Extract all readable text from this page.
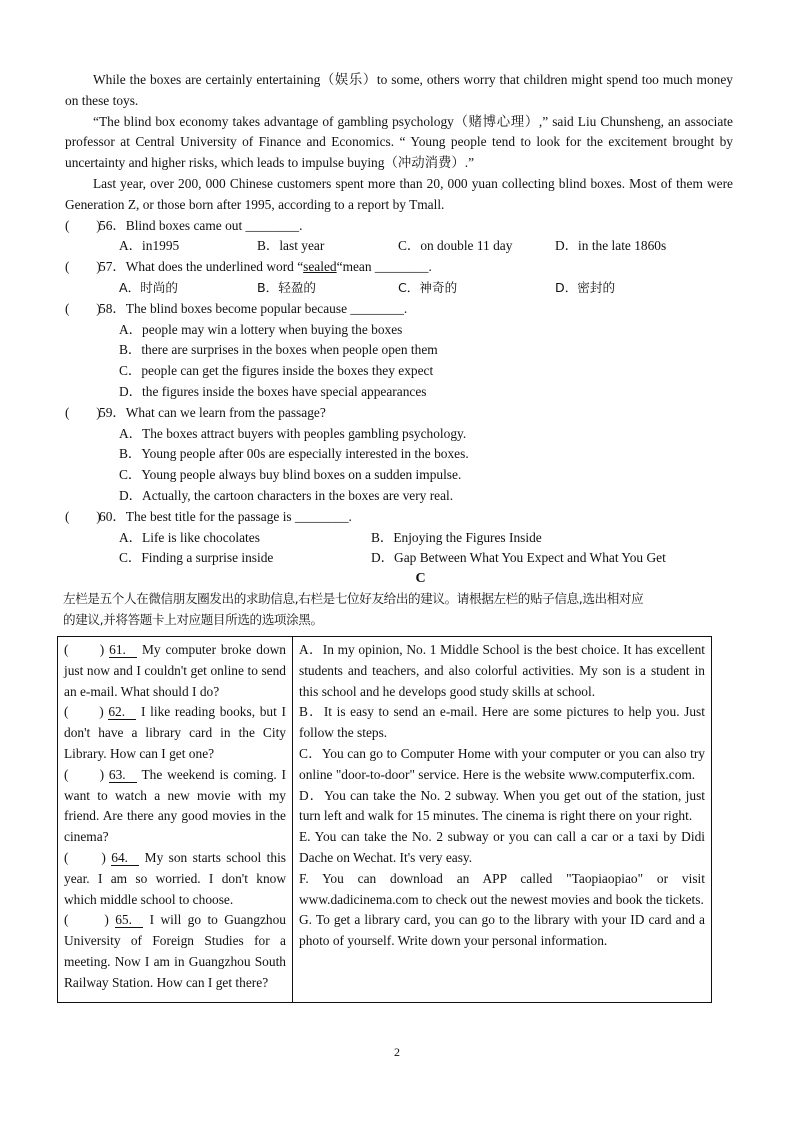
While the boxes are certainly entertaining（娱乐）to some, others worry that children might spend too much money on these toys.

“The blind box economy takes advantage of gambling psychology（赌博心理）,” said Liu Chunsheng, an associate professor at Central University of Finance and Economics. “ Young people tend to look for the excitement brought by uncertainty and higher risks, which leads to impulse buying（冲动消费）.”

Last year, over 200, 000 Chinese customers spent more than 20, 000 yuan collecting blind boxes. Most of them were Generation Z, or those born after 1995, according to a report by Tmall.

(　　)
56．Blind boxes came out ________.
A．in1995	B．last year	C．on double 11 day	D．in the late 1860s
(　　)
57．What does the underlined word “sealed“mean ________.
A．时尚的	B．轻盈的	C．神奇的	D．密封的
(　　)
58．The blind boxes become popular because ________.
A．people may win a lottery when buying the boxes
B．there are surprises in the boxes when people open them
C．people can get the figures inside the boxes they expect
D．the figures inside the boxes have special appearances
(　　)
59．What can we learn from the passage?
A．The boxes attract buyers with peoples gambling psychology.
B．Young people after 00s are especially interested in the boxes.
C．Young people always buy blind boxes on a sudden impulse.
D．Actually, the cartoon characters in the boxes are very real.
(　　)
60．The best title for the passage is ________.
A．Life is like chocolates	B．Enjoying the Figures Inside
C．Finding a surprise inside	D．Gap Between What You Expect and What You Get
C
左栏是五个人在微信朋友圈发出的求助信息,右栏是七位好友给出的建议。请根据左栏的贴子信息,选出相对应
的建议,并将答题卡上对应题目所选的选项涂黑。

(　　) 61. My computer broke down just now and I couldn't get online to send an e-mail. What should I do?

(　　) 62. I like reading books, but I don't have a library card in the City Library. How can I get one?

(　　) 63. The weekend is coming. I want to watch a new movie with my friend. Are there any good movies in the cinema?

(　　) 64. My son starts school this year. I am so worried. I don't know which middle school to choose.

(　　) 65. I will go to Guangzhou University of Foreign Studies for a meeting. Now I am in Guangzhou South Railway Station. How can I get there?

A．In my opinion, No. 1 Middle School is the best choice. It has excellent students and teachers, and also colorful activities. My son is a student in this school and he develops good study skills at school.

B．It is easy to send an e-mail. Here are some pictures to help you. Just follow the steps.

C．You can go to Computer Home with your computer or you can also try online "door-to-door" service. Here is the website www.computerfix.com.

D．You can take the No. 2 subway. When you get out of the station, just turn left and walk for 15 minutes. The cinema is right there on your right.

E. You can take the No. 2 subway or you can call a car or a taxi by Didi Dache on Wechat. It's very easy.

F. You can download an APP called "Taopiaopiao" or visit www.dadicinema.com to check out the newest movies and book the tickets.

G. To get a library card, you can go to the library with your ID card and a photo of yourself. Write down your personal information.

2
